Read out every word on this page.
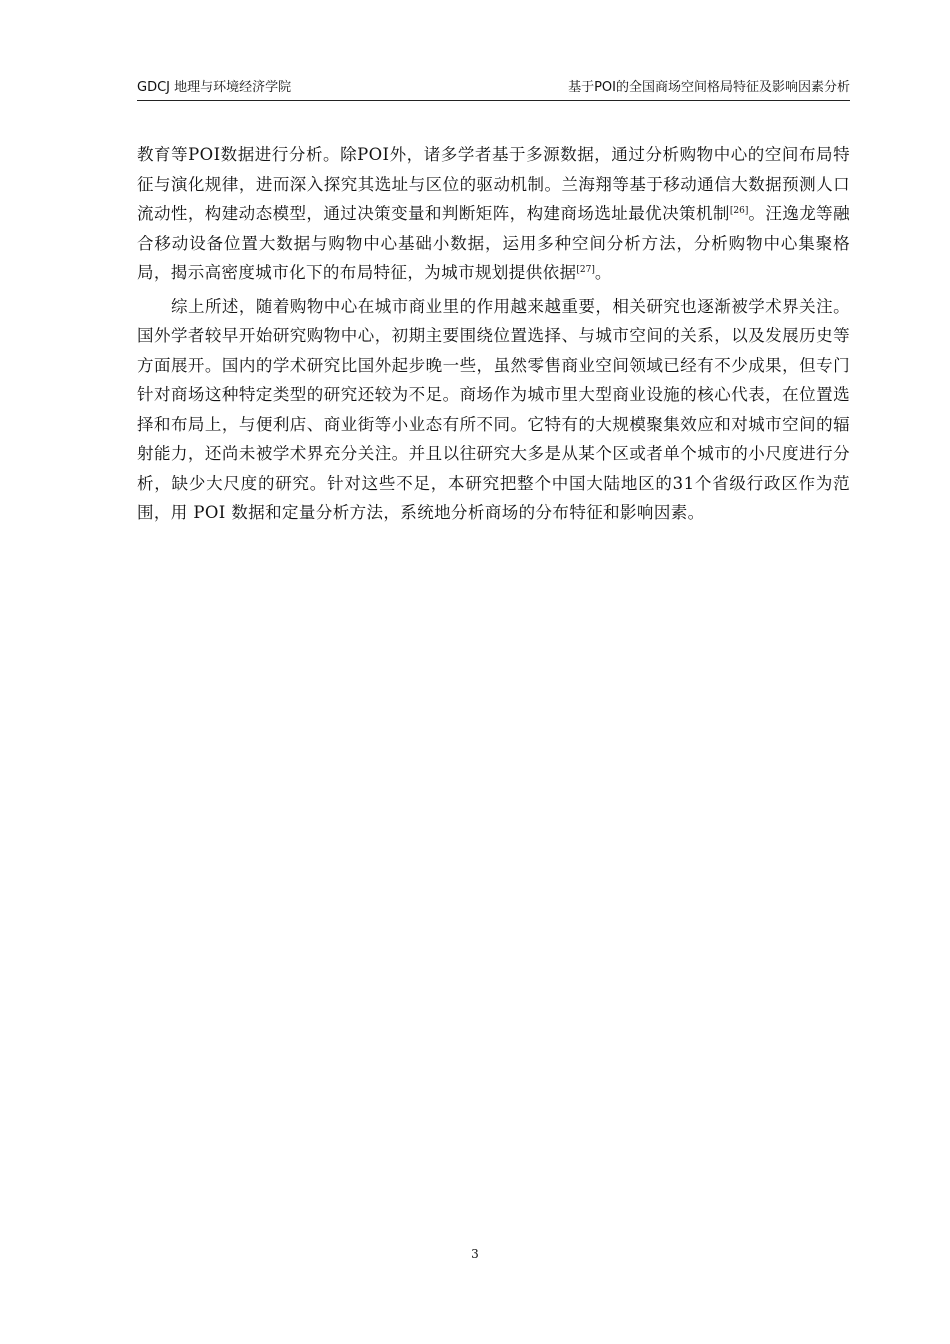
GDCJ 地理与环境经济学院	基于POI的全国商场空间格局特征及影响因素分析

教育等POI数据进行分析。除POI外，诸多学者基于多源数据，通过分析购物中心的空间布局特征与演化规律，进而深入探究其选址与区位的驱动机制。兰海翔等基于移动通信大数据预测人口流动性，构建动态模型，通过决策变量和判断矩阵，构建商场选址最优决策机制[26]。汪逸龙等融合移动设备位置大数据与购物中心基础小数据，运用多种空间分析方法，分析购物中心集聚格局，揭示高密度城市化下的布局特征，为城市规划提供依据[27]。

综上所述，随着购物中心在城市商业里的作用越来越重要，相关研究也逐渐被学术界关注。国外学者较早开始研究购物中心，初期主要围绕位置选择、与城市空间的关系，以及发展历史等方面展开。国内的学术研究比国外起步晚一些，虽然零售商业空间领域已经有不少成果，但专门针对商场这种特定类型的研究还较为不足。商场作为城市里大型商业设施的核心代表，在位置选择和布局上，与便利店、商业街等小业态有所不同。它特有的大规模聚集效应和对城市空间的辐射能力，还尚未被学术界充分关注。并且以往研究大多是从某个区或者单个城市的小尺度进行分析，缺少大尺度的研究。针对这些不足，本研究把整个中国大陆地区的31个省级行政区作为范围，用 POI 数据和定量分析方法，系统地分析商场的分布特征和影响因素。

3
